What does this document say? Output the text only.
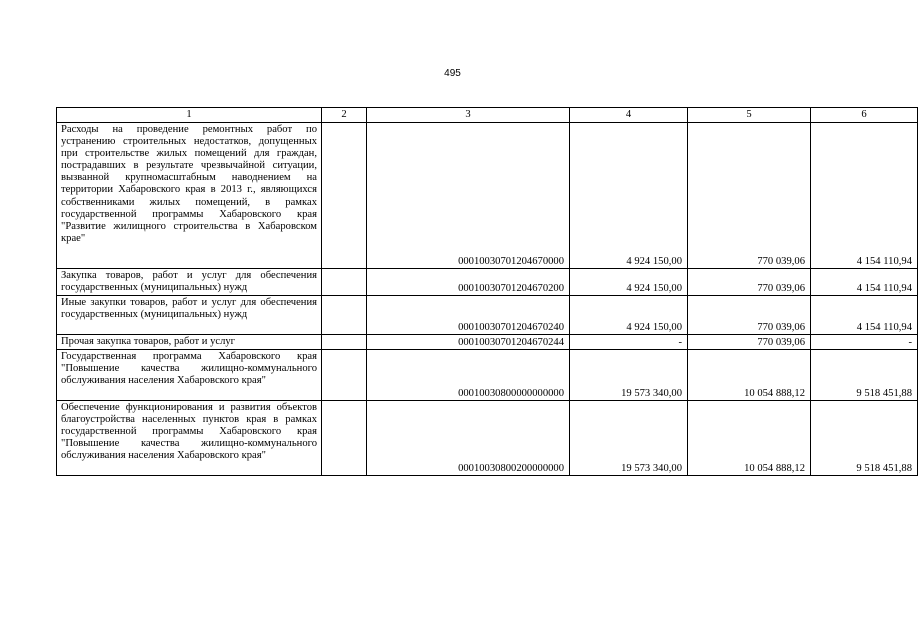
495
1	2	3	4	5	6
Расходы на проведение ремонтных работ по устранению строительных недостатков, допущенных при строительстве жилых помещений для граждан, пострадавших в результате чрезвычайной ситуации, вызванной крупномасштабным наводнением на территории Хабаровского края в 2013 г., являющихся собственниками жилых помещений, в рамках государственной программы Хабаровского края "Развитие жилищного строительства в Хабаровском крае"		00010030701204670000	4 924 150,00	770 039,06	4 154 110,94
Закупка товаров, работ и услуг для обеспечения государственных (муниципальных) нужд		00010030701204670200	4 924 150,00	770 039,06	4 154 110,94
Иные закупки товаров, работ и услуг для обеспечения государственных (муниципальных) нужд		00010030701204670240	4 924 150,00	770 039,06	4 154 110,94
Прочая закупка товаров, работ и услуг		00010030701204670244	-	770 039,06	-
Государственная программа Хабаровского края "Повышение качества жилищно-коммунального обслуживания населения Хабаровского края"		00010030800000000000	19 573 340,00	10 054 888,12	9 518 451,88
Обеспечение функционирования и развития объектов благоустройства населенных пунктов края в рамках государственной программы Хабаровского края "Повышение качества жилищно-коммунального обслуживания населения Хабаровского края"		00010030800200000000	19 573 340,00	10 054 888,12	9 518 451,88
